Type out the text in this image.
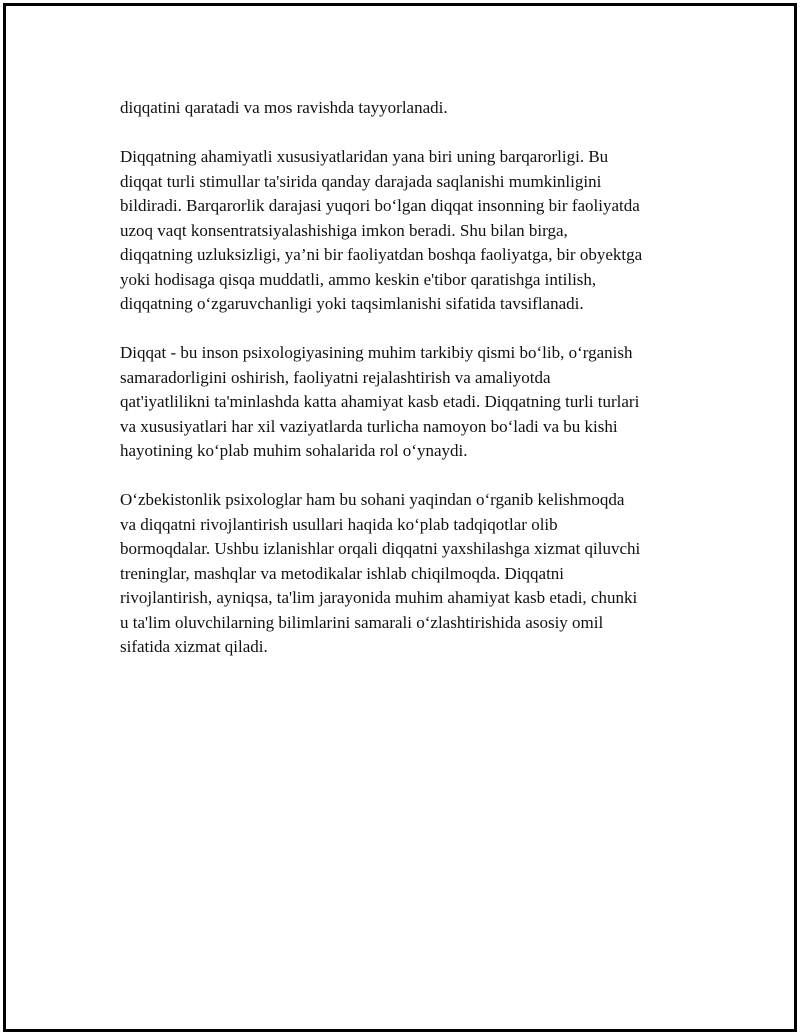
diqqatini qaratadi va mos ravishda tayyorlanadi.

Diqqatning ahamiyatli xususiyatlaridan yana biri uning barqarorligi. Bu
diqqat turli stimullar ta'sirida qanday darajada saqlanishi mumkinligini
bildiradi. Barqarorlik darajasi yuqori boʻlgan diqqat insonning bir faoliyatda
uzoq vaqt konsentratsiyalashishiga imkon beradi. Shu bilan birga,
diqqatning uzluksizligi, ya’ni bir faoliyatdan boshqa faoliyatga, bir obyektga
yoki hodisaga qisqa muddatli, ammo keskin e'tibor qaratishga intilish,
diqqatning oʻzgaruvchanligi yoki taqsimlanishi sifatida tavsiflanadi.

Diqqat - bu inson psixologiyasining muhim tarkibiy qismi boʻlib, oʻrganish
samaradorligini oshirish, faoliyatni rejalashtirish va amaliyotda
qat'iyatlilikni ta'minlashda katta ahamiyat kasb etadi. Diqqatning turli turlari
va xususiyatlari har xil vaziyatlarda turlicha namoyon boʻladi va bu kishi
hayotining koʻplab muhim sohalarida rol oʻynaydi.

Oʻzbekistonlik psixologlar ham bu sohani yaqindan oʻrganib kelishmoqda
va diqqatni rivojlantirish usullari haqida koʻplab tadqiqotlar olib
bormoqdalar. Ushbu izlanishlar orqali diqqatni yaxshilashga xizmat qiluvchi
treninglar, mashqlar va metodikalar ishlab chiqilmoqda. Diqqatni
rivojlantirish, ayniqsa, ta'lim jarayonida muhim ahamiyat kasb etadi, chunki
u ta'lim oluvchilarning bilimlarini samarali oʻzlashtirishida asosiy omil
sifatida xizmat qiladi.
